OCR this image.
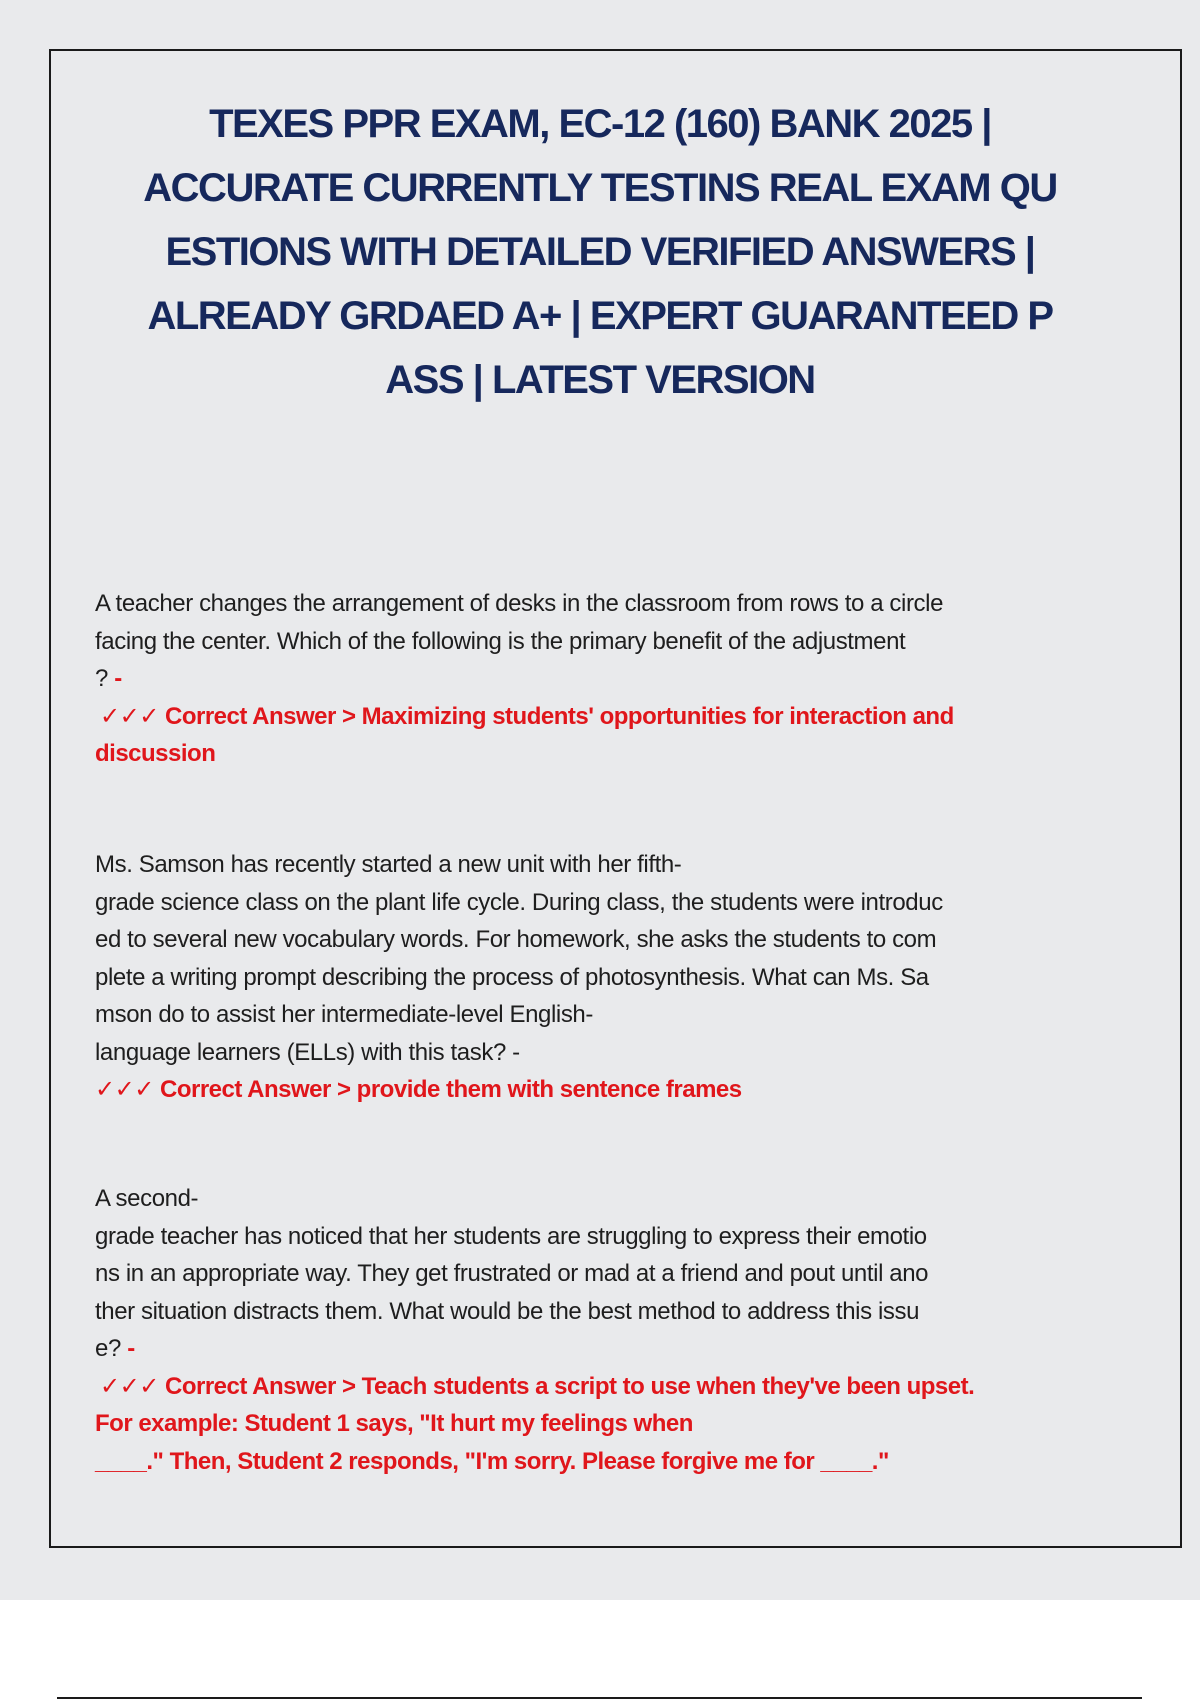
TEXES PPR EXAM, EC-12 (160) BANK 2025 |
ACCURATE CURRENTLY TESTINS REAL EXAM QU
ESTIONS WITH DETAILED VERIFIED ANSWERS |
ALREADY GRDAED A+ | EXPERT GUARANTEED P
ASS | LATEST VERSION

A teacher changes the arrangement of desks in the classroom from rows to a circle
facing the center. Which of the following is the primary benefit of the adjustment
? -

✓✓✓ Correct Answer > Maximizing students' opportunities for interaction and
discussion

Ms. Samson has recently started a new unit with her fifth-
grade science class on the plant life cycle. During class, the students were introduc
ed to several new vocabulary words. For homework, she asks the students to com
plete a writing prompt describing the process of photosynthesis. What can Ms. Sa
mson do to assist her intermediate-level English-
language learners (ELLs) with this task? -

✓✓✓ Correct Answer > provide them with sentence frames

A second-
grade teacher has noticed that her students are struggling to express their emotio
ns in an appropriate way. They get frustrated or mad at a friend and pout until ano
ther situation distracts them. What would be the best method to address this issu
e? -

✓✓✓ Correct Answer > Teach students a script to use when they've been upset.
For example: Student 1 says, "It hurt my feelings when
____." Then, Student 2 responds, "I'm sorry. Please forgive me for ____."
